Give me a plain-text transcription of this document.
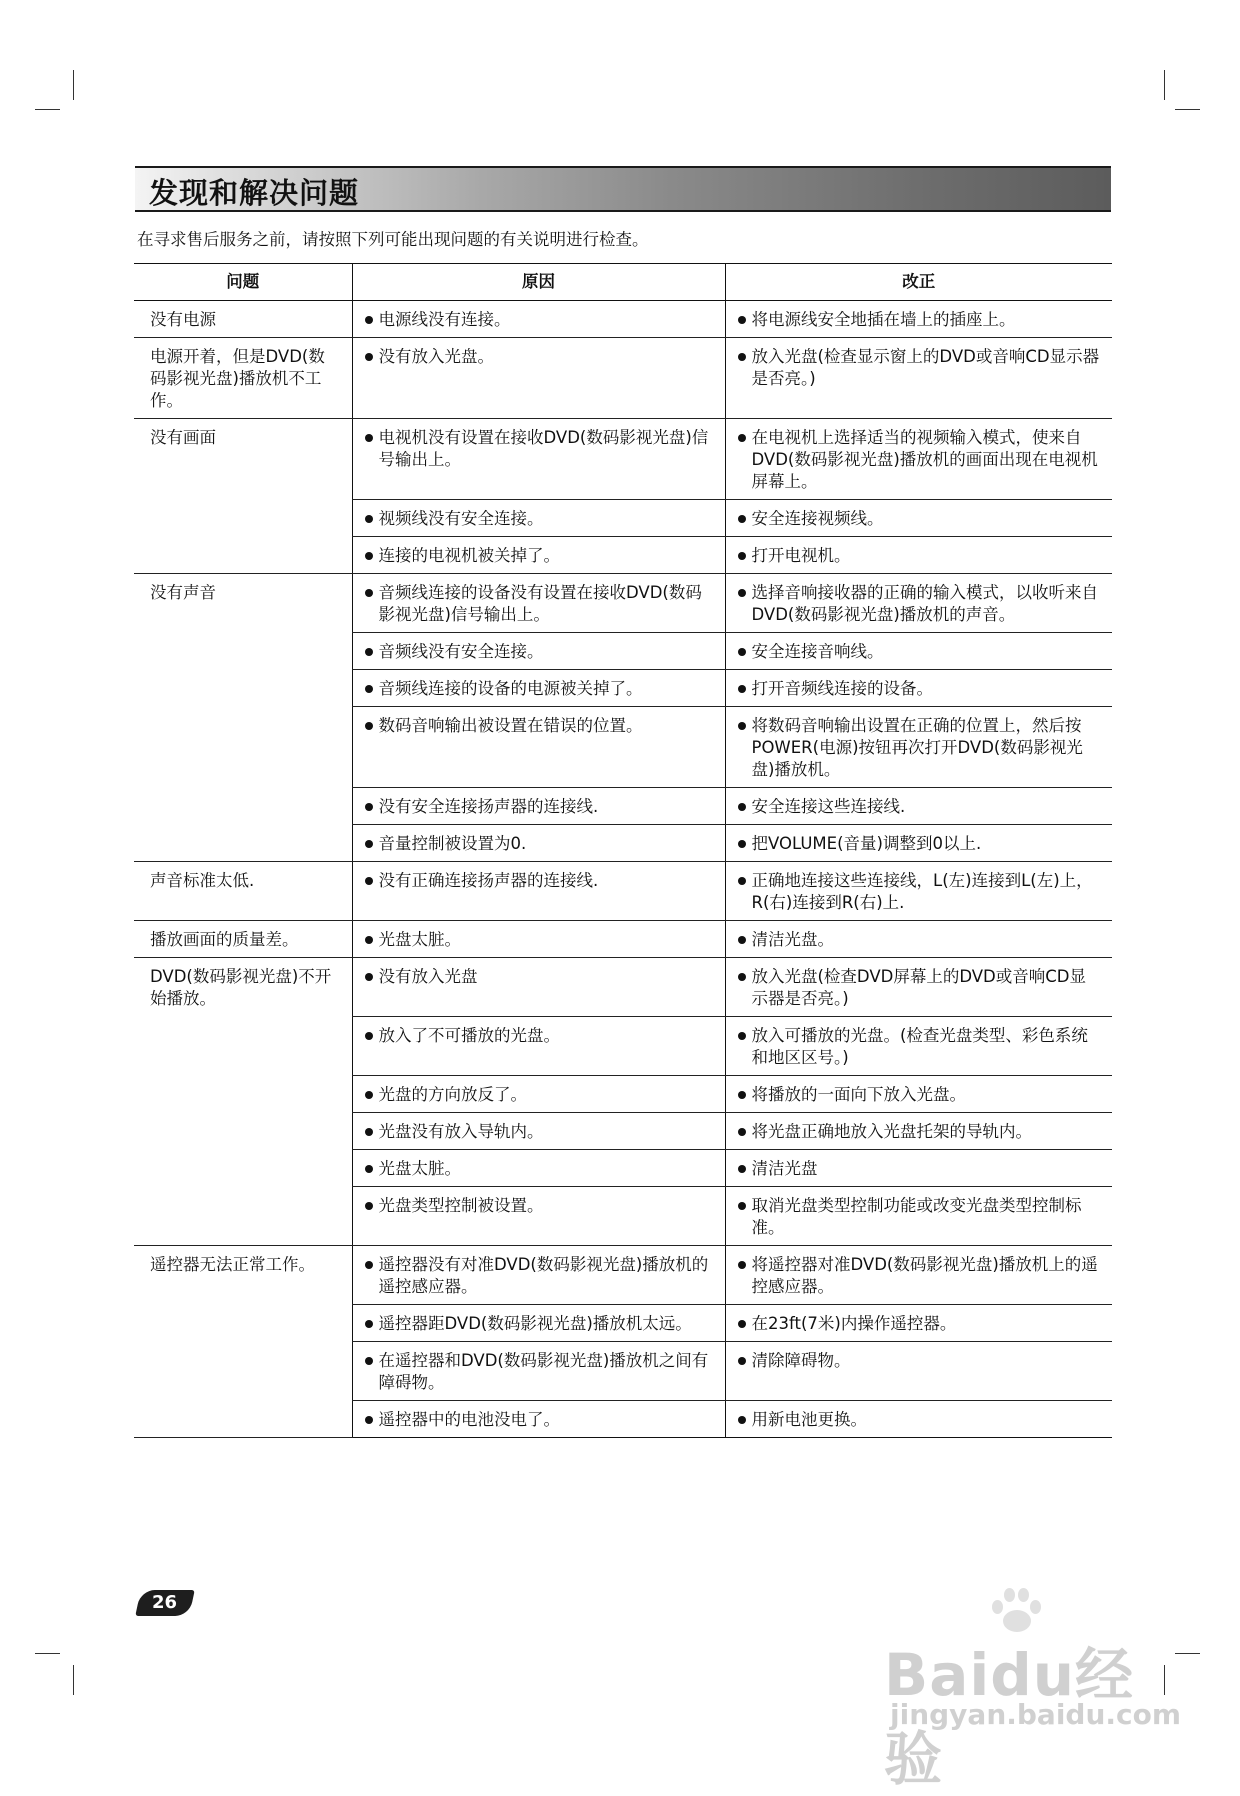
发现和解决问题
在寻求售后服务之前，请按照下列可能出现问题的有关说明进行检查。
问题	原因	改正
没有电源	电源线没有连接。	将电源线安全地插在墙上的插座上。
电源开着，但是DVD(数码影视光盘)播放机不工作。	没有放入光盘。	放入光盘(检查显示窗上的DVD或音响CD显示器是否亮。)
没有画面	电视机没有设置在接收DVD(数码影视光盘)信号输出上。	在电视机上选择适当的视频输入模式，使来自DVD(数码影视光盘)播放机的画面出现在电视机屏幕上。
	视频线没有安全连接。	安全连接视频线。
	连接的电视机被关掉了。	打开电视机。
没有声音	音频线连接的设备没有设置在接收DVD(数码影视光盘)信号输出上。	选择音响接收器的正确的输入模式，以收听来自DVD(数码影视光盘)播放机的声音。
	音频线没有安全连接。	安全连接音响线。
	音频线连接的设备的电源被关掉了。	打开音频线连接的设备。
	数码音响输出被设置在错误的位置。	将数码音响输出设置在正确的位置上，然后按POWER(电源)按钮再次打开DVD(数码影视光盘)播放机。
	没有安全连接扬声器的连接线.	安全连接这些连接线.
	音量控制被设置为0.	把VOLUME(音量)调整到0以上.
声音标准太低.	没有正确连接扬声器的连接线.	正确地连接这些连接线，L(左)连接到L(左)上，R(右)连接到R(右)上.
播放画面的质量差。	光盘太脏。	清洁光盘。
DVD(数码影视光盘)不开始播放。	没有放入光盘	放入光盘(检查DVD屏幕上的DVD或音响CD显示器是否亮。)
	放入了不可播放的光盘。	放入可播放的光盘。(检查光盘类型、彩色系统和地区区号。)
	光盘的方向放反了。	将播放的一面向下放入光盘。
	光盘没有放入导轨内。	将光盘正确地放入光盘托架的导轨内。
	光盘太脏。	清洁光盘
	光盘类型控制被设置。	取消光盘类型控制功能或改变光盘类型控制标准。
遥控器无法正常工作。	遥控器没有对准DVD(数码影视光盘)播放机的遥控感应器。	将遥控器对准DVD(数码影视光盘)播放机上的遥控感应器。
	遥控器距DVD(数码影视光盘)播放机太远。	在23ft(7米)内操作遥控器。
	在遥控器和DVD(数码影视光盘)播放机之间有障碍物。	清除障碍物。
	遥控器中的电池没电了。	用新电池更换。
26
Baidu经验
jingyan.baidu.com
